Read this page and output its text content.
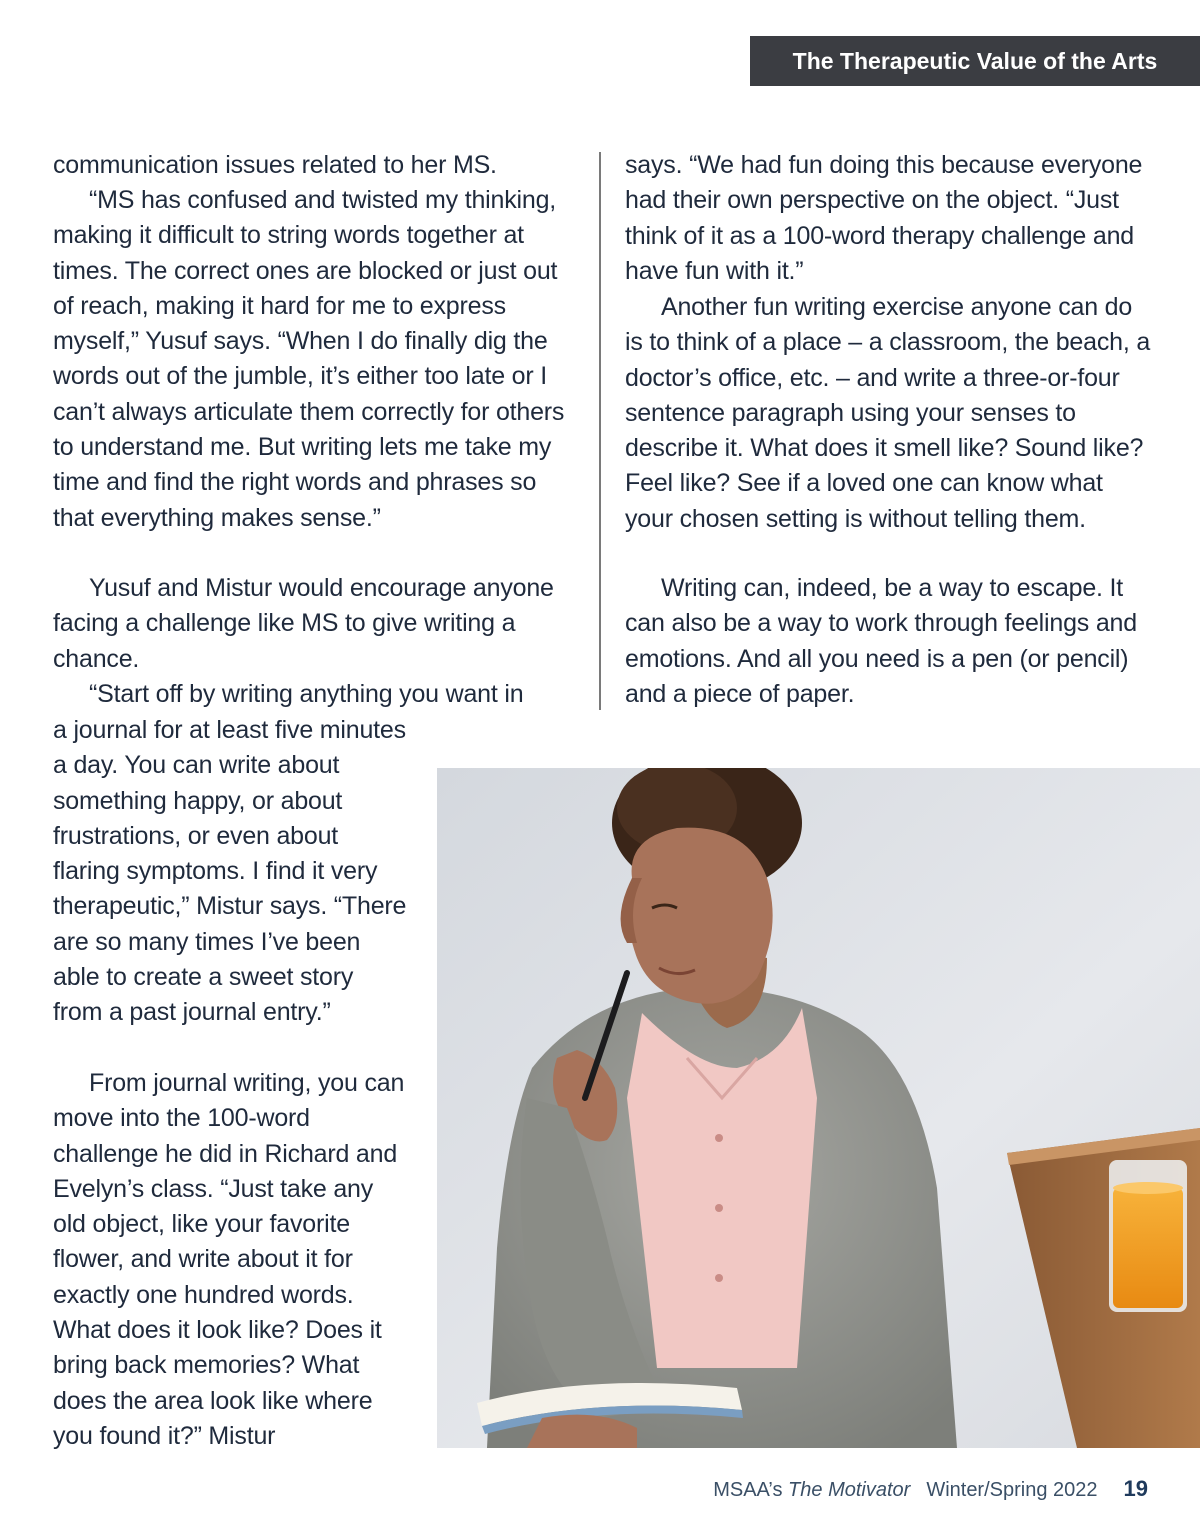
The Therapeutic Value of the Arts

communication issues related to her MS.

“MS has confused and twisted my thinking, making it difficult to string words together at times. The correct ones are blocked or just out of reach, making it hard for me to express myself,” Yusuf says. “When I do finally dig the words out of the jumble, it’s either too late or I can’t always articulate them correctly for others to understand me. But writing lets me take my time and find the right words and phrases so that everything makes sense.”

Yusuf and Mistur would encourage anyone facing a challenge like MS to give writing a chance.

“Start off by writing anything you want in

a journal for at least five minutes a day. You can write about something happy, or about frustrations, or even about flaring symptoms. I find it very therapeutic,” Mistur says. “There are so many times I’ve been able to create a sweet story from a past journal entry.”

From journal writing, you can move into the 100-word challenge he did in Richard and Evelyn’s class. “Just take any old object, like your favorite flower, and write about it for exactly one hundred words. What does it look like? Does it bring back memories? What does the area look like where you found it?” Mistur

says. “We had fun doing this because everyone had their own perspective on the object. “Just think of it as a 100-word therapy challenge and have fun with it.”

Another fun writing exercise anyone can do is to think of a place – a classroom, the beach, a doctor’s office, etc. – and write a three-or-four sentence paragraph using your senses to describe it. What does it smell like? Sound like? Feel like? See if a loved one can know what your chosen setting is without telling them.

Writing can, indeed, be a way to escape. It can also be a way to work through feelings and emotions. And all you need is a pen (or pencil) and a piece of paper.

MSAA’s The Motivator Winter/Spring 2022 19
